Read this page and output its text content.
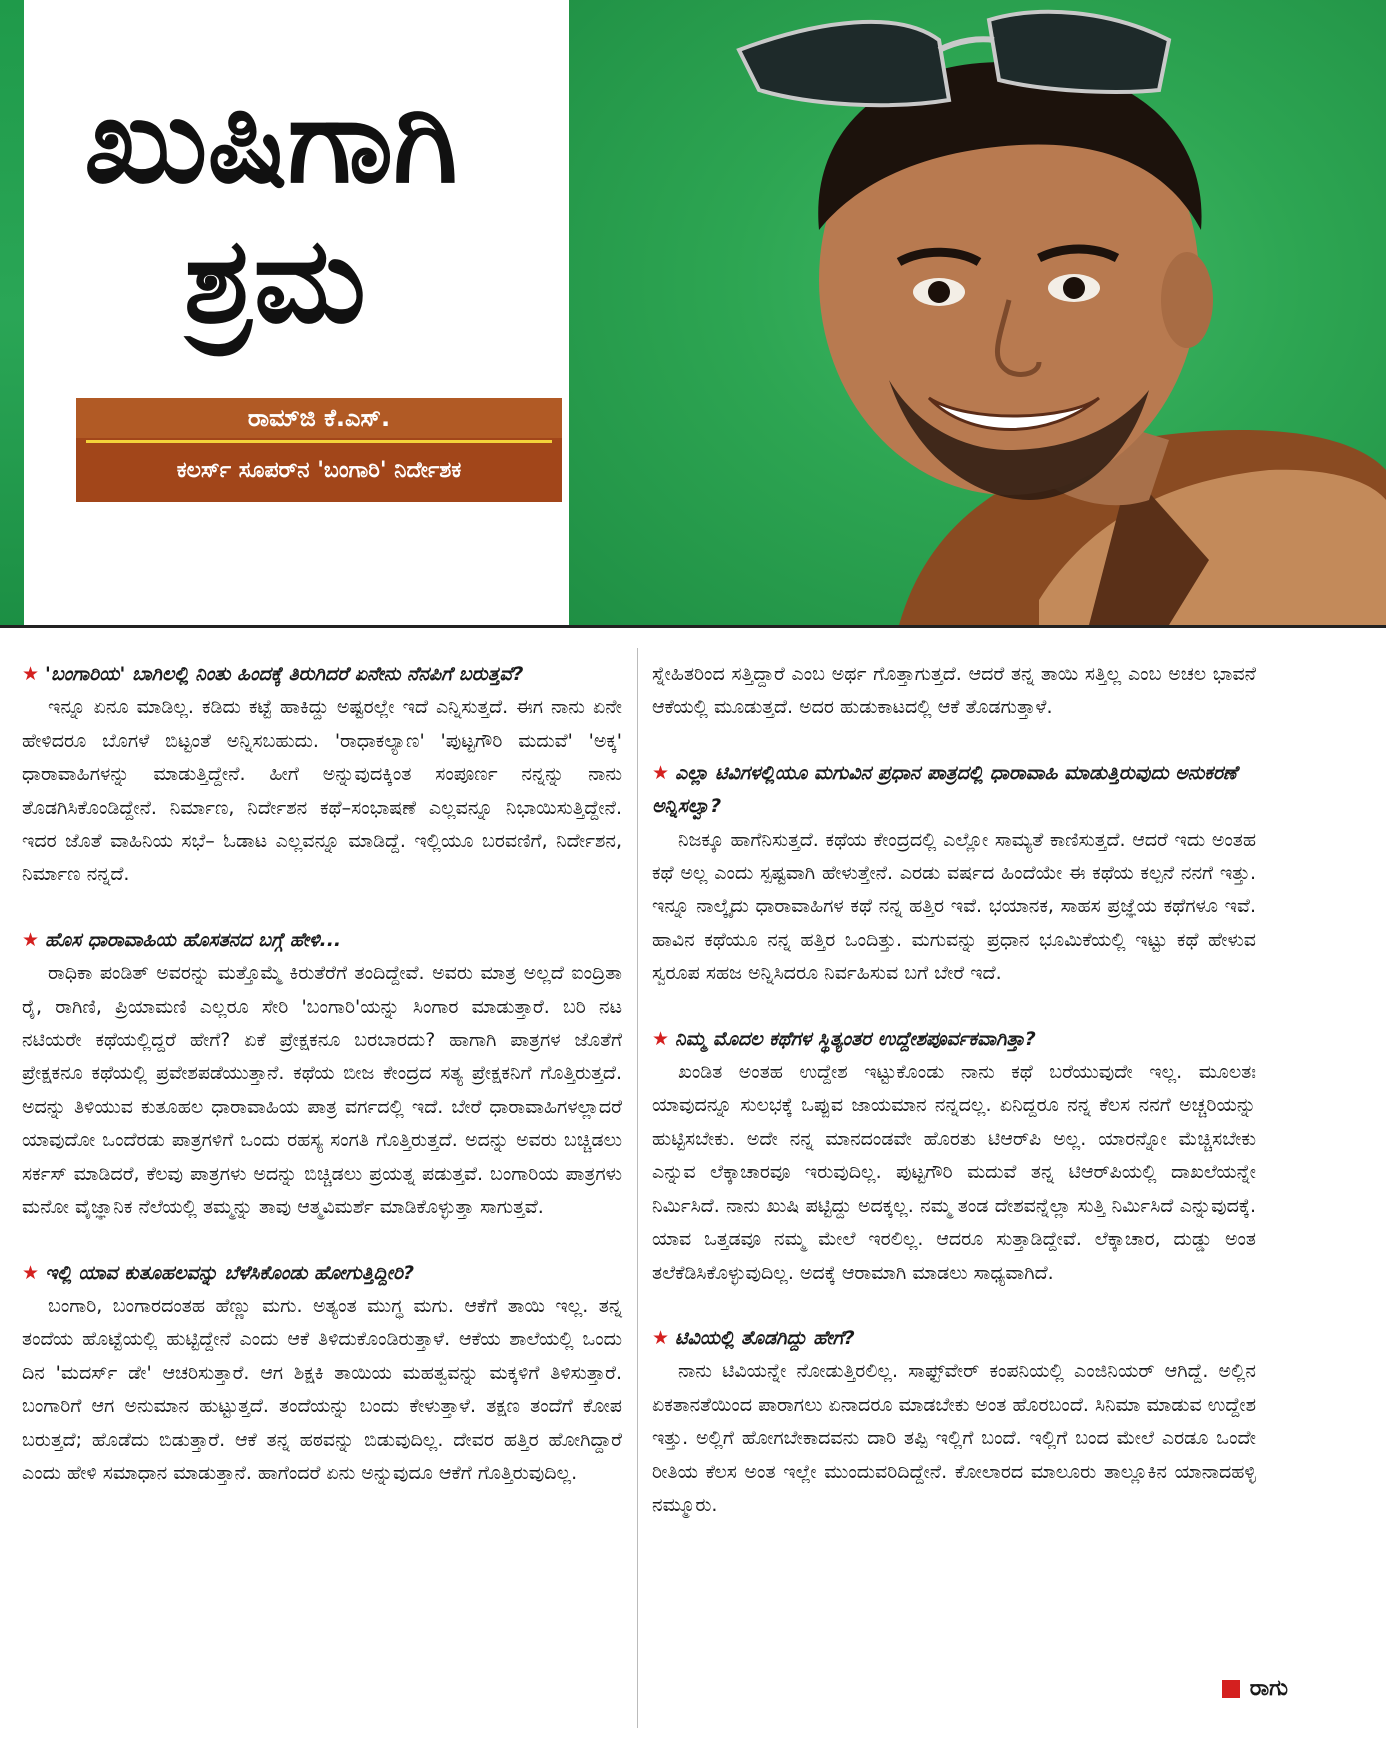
ಖುಷಿಗಾಗಿ
ಶ್ರಮ
ರಾಮ್‌ಜಿ ಕೆ.ಎಸ್.
ಕಲರ್ಸ್ ಸೂಪರ್‌ನ 'ಬಂಗಾರಿ' ನಿರ್ದೇಶಕ

★ 'ಬಂಗಾರಿಯ' ಬಾಗಿಲಲ್ಲಿ ನಿಂತು ಹಿಂದಕ್ಕೆ ತಿರುಗಿದರೆ ಏನೇನು ನೆನಪಿಗೆ ಬರುತ್ತವೆ?

ಇನ್ನೂ ಏನೂ ಮಾಡಿಲ್ಲ. ಕಡಿದು ಕಟ್ಟೆ ಹಾಕಿದ್ದು ಅಷ್ಟರಲ್ಲೇ ಇದೆ ಎನ್ನಿಸುತ್ತದೆ. ಈಗ ನಾನು ಏನೇ ಹೇಳಿದರೂ ಬೊಗಳೆ ಬಿಟ್ಟಂತೆ ಅನ್ನಿಸಬಹುದು. 'ರಾಧಾಕಲ್ಯಾಣ' 'ಪುಟ್ಟಗೌರಿ ಮದುವೆ' 'ಅಕ್ಕ' ಧಾರಾವಾಹಿಗಳನ್ನು ಮಾಡುತ್ತಿದ್ದೇನೆ. ಹೀಗೆ ಅನ್ನುವುದಕ್ಕಿಂತ ಸಂಪೂರ್ಣ ನನ್ನನ್ನು ನಾನು ತೊಡಗಿಸಿಕೊಂಡಿದ್ದೇನೆ. ನಿರ್ಮಾಣ, ನಿರ್ದೇಶನ ಕಥೆ–ಸಂಭಾಷಣೆ ಎಲ್ಲವನ್ನೂ ನಿಭಾಯಿಸುತ್ತಿದ್ದೇನೆ. ಇದರ ಜೊತೆ ವಾಹಿನಿಯ ಸಭೆ– ಓಡಾಟ ಎಲ್ಲವನ್ನೂ ಮಾಡಿದ್ದೆ. ಇಲ್ಲಿಯೂ ಬರವಣಿಗೆ, ನಿರ್ದೇಶನ, ನಿರ್ಮಾಣ ನನ್ನದೆ.

★ ಹೊಸ ಧಾರಾವಾಹಿಯ ಹೊಸತನದ ಬಗ್ಗೆ ಹೇಳಿ...

ರಾಧಿಕಾ ಪಂಡಿತ್ ಅವರನ್ನು ಮತ್ತೊಮ್ಮೆ ಕಿರುತೆರೆಗೆ ತಂದಿದ್ದೇವೆ. ಅವರು ಮಾತ್ರ ಅಲ್ಲದೆ ಐಂದ್ರಿತಾ ರೈ, ರಾಗಿಣಿ, ಪ್ರಿಯಾಮಣಿ ಎಲ್ಲರೂ ಸೇರಿ 'ಬಂಗಾರಿ'ಯನ್ನು ಸಿಂಗಾರ ಮಾಡುತ್ತಾರೆ. ಬರಿ ನಟ ನಟಿಯರೇ ಕಥೆಯಲ್ಲಿದ್ದರೆ ಹೇಗೆ? ಏಕೆ ಪ್ರೇಕ್ಷಕನೂ ಬರಬಾರದು? ಹಾಗಾಗಿ ಪಾತ್ರಗಳ ಜೊತೆಗೆ ಪ್ರೇಕ್ಷಕನೂ ಕಥೆಯಲ್ಲಿ ಪ್ರವೇಶಪಡೆಯುತ್ತಾನೆ. ಕಥೆಯ ಬೀಜ ಕೇಂದ್ರದ ಸತ್ಯ ಪ್ರೇಕ್ಷಕನಿಗೆ ಗೊತ್ತಿರುತ್ತದೆ. ಅದನ್ನು ತಿಳಿಯುವ ಕುತೂಹಲ ಧಾರಾವಾಹಿಯ ಪಾತ್ರ ವರ್ಗದಲ್ಲಿ ಇದೆ. ಬೇರೆ ಧಾರಾವಾಹಿಗಳಲ್ಲಾದರೆ ಯಾವುದೋ ಒಂದೆರಡು ಪಾತ್ರಗಳಿಗೆ ಒಂದು ರಹಸ್ಯ ಸಂಗತಿ ಗೊತ್ತಿರುತ್ತದೆ. ಅದನ್ನು ಅವರು ಬಚ್ಚಿಡಲು ಸರ್ಕಸ್ ಮಾಡಿದರೆ, ಕೆಲವು ಪಾತ್ರಗಳು ಅದನ್ನು ಬಿಚ್ಚಿಡಲು ಪ್ರಯತ್ನ ಪಡುತ್ತವೆ. ಬಂಗಾರಿಯ ಪಾತ್ರಗಳು ಮನೋ ವೈಜ್ಞಾನಿಕ ನೆಲೆಯಲ್ಲಿ ತಮ್ಮನ್ನು ತಾವು ಆತ್ಮವಿಮರ್ಶೆ ಮಾಡಿಕೊಳ್ಳುತ್ತಾ ಸಾಗುತ್ತವೆ.

★ ಇಲ್ಲಿ ಯಾವ ಕುತೂಹಲವನ್ನು ಬೆಳೆಸಿಕೊಂಡು ಹೋಗುತ್ತಿದ್ದೀರಿ?

ಬಂಗಾರಿ, ಬಂಗಾರದಂತಹ ಹೆಣ್ಣು ಮಗು. ಅತ್ಯಂತ ಮುಗ್ಧ ಮಗು. ಆಕೆಗೆ ತಾಯಿ ಇಲ್ಲ. ತನ್ನ ತಂದೆಯ ಹೊಟ್ಟೆಯಲ್ಲಿ ಹುಟ್ಟಿದ್ದೇನೆ ಎಂದು ಆಕೆ ತಿಳಿದುಕೊಂಡಿರುತ್ತಾಳೆ. ಆಕೆಯ ಶಾಲೆಯಲ್ಲಿ ಒಂದು ದಿನ 'ಮದರ್ಸ್ ಡೇ' ಆಚರಿಸುತ್ತಾರೆ. ಆಗ ಶಿಕ್ಷಕಿ ತಾಯಿಯ ಮಹತ್ವವನ್ನು ಮಕ್ಕಳಿಗೆ ತಿಳಿಸುತ್ತಾರೆ. ಬಂಗಾರಿಗೆ ಆಗ ಅನುಮಾನ ಹುಟ್ಟುತ್ತದೆ. ತಂದೆಯನ್ನು ಬಂದು ಕೇಳುತ್ತಾಳೆ. ತಕ್ಷಣ ತಂದೆಗೆ ಕೋಪ ಬರುತ್ತದೆ; ಹೊಡೆದು ಬಿಡುತ್ತಾರೆ. ಆಕೆ ತನ್ನ ಹಠವನ್ನು ಬಿಡುವುದಿಲ್ಲ. ದೇವರ ಹತ್ತಿರ ಹೋಗಿದ್ದಾರೆ ಎಂದು ಹೇಳಿ ಸಮಾಧಾನ ಮಾಡುತ್ತಾನೆ. ಹಾಗೆಂದರೆ ಏನು ಅನ್ನುವುದೂ ಆಕೆಗೆ ಗೊತ್ತಿರುವುದಿಲ್ಲ.

ಸ್ನೇಹಿತರಿಂದ ಸತ್ತಿದ್ದಾರೆ ಎಂಬ ಅರ್ಥ ಗೊತ್ತಾಗುತ್ತದೆ. ಆದರೆ ತನ್ನ ತಾಯಿ ಸತ್ತಿಲ್ಲ ಎಂಬ ಅಚಲ ಭಾವನೆ ಆಕೆಯಲ್ಲಿ ಮೂಡುತ್ತದೆ. ಅದರ ಹುಡುಕಾಟದಲ್ಲಿ ಆಕೆ ತೊಡಗುತ್ತಾಳೆ.

★ ಎಲ್ಲಾ ಟಿವಿಗಳಲ್ಲಿಯೂ ಮಗುವಿನ ಪ್ರಧಾನ ಪಾತ್ರದಲ್ಲಿ ಧಾರಾವಾಹಿ ಮಾಡುತ್ತಿರುವುದು ಅನುಕರಣೆ ಅನ್ನಿಸಲ್ವಾ?

ನಿಜಕ್ಕೂ ಹಾಗೆನಿಸುತ್ತದೆ. ಕಥೆಯ ಕೇಂದ್ರದಲ್ಲಿ ಎಲ್ಲೋ ಸಾಮ್ಯತೆ ಕಾಣಿಸುತ್ತದೆ. ಆದರೆ ಇದು ಅಂತಹ ಕಥೆ ಅಲ್ಲ ಎಂದು ಸ್ಪಷ್ಟವಾಗಿ ಹೇಳುತ್ತೇನೆ. ಎರಡು ವರ್ಷದ ಹಿಂದೆಯೇ ಈ ಕಥೆಯ ಕಲ್ಪನೆ ನನಗೆ ಇತ್ತು. ಇನ್ನೂ ನಾಲ್ಕೈದು ಧಾರಾವಾಹಿಗಳ ಕಥೆ ನನ್ನ ಹತ್ತಿರ ಇವೆ. ಭಯಾನಕ, ಸಾಹಸ ಪ್ರಜ್ಞೆಯ ಕಥೆಗಳೂ ಇವೆ. ಹಾವಿನ ಕಥೆಯೂ ನನ್ನ ಹತ್ತಿರ ಒಂದಿತ್ತು. ಮಗುವನ್ನು ಪ್ರಧಾನ ಭೂಮಿಕೆಯಲ್ಲಿ ಇಟ್ಟು ಕಥೆ ಹೇಳುವ ಸ್ವರೂಪ ಸಹಜ ಅನ್ನಿಸಿದರೂ ನಿರ್ವಹಿಸುವ ಬಗೆ ಬೇರೆ ಇದೆ.

★ ನಿಮ್ಮ ಮೊದಲ ಕಥೆಗಳ ಸ್ಥಿತ್ಯಂತರ ಉದ್ದೇಶಪೂರ್ವಕವಾಗಿತ್ತಾ?

ಖಂಡಿತ ಅಂತಹ ಉದ್ದೇಶ ಇಟ್ಟುಕೊಂಡು ನಾನು ಕಥೆ ಬರೆಯುವುದೇ ಇಲ್ಲ. ಮೂಲತಃ ಯಾವುದನ್ನೂ ಸುಲಭಕ್ಕೆ ಒಪ್ಪುವ ಜಾಯಮಾನ ನನ್ನದಲ್ಲ. ಏನಿದ್ದರೂ ನನ್ನ ಕೆಲಸ ನನಗೆ ಅಚ್ಚರಿಯನ್ನು ಹುಟ್ಟಿಸಬೇಕು. ಅದೇ ನನ್ನ ಮಾನದಂಡವೇ ಹೊರತು ಟಿಆರ್‌ಪಿ ಅಲ್ಲ. ಯಾರನ್ನೋ ಮೆಚ್ಚಿಸಬೇಕು ಎನ್ನುವ ಲೆಕ್ಕಾಚಾರವೂ ಇರುವುದಿಲ್ಲ. ಪುಟ್ಟಗೌರಿ ಮದುವೆ ತನ್ನ ಟಿಆರ್‌ಪಿಯಲ್ಲಿ ದಾಖಲೆಯನ್ನೇ ನಿರ್ಮಿಸಿದೆ. ನಾನು ಖುಷಿ ಪಟ್ಟಿದ್ದು ಅದಕ್ಕಲ್ಲ. ನಮ್ಮ ತಂಡ ದೇಶವನ್ನೆಲ್ಲಾ ಸುತ್ತಿ ನಿರ್ಮಿಸಿದೆ ಎನ್ನುವುದಕ್ಕೆ. ಯಾವ ಒತ್ತಡವೂ ನಮ್ಮ ಮೇಲೆ ಇರಲಿಲ್ಲ. ಆದರೂ ಸುತ್ತಾಡಿದ್ದೇವೆ. ಲೆಕ್ಕಾಚಾರ, ದುಡ್ಡು ಅಂತ ತಲೆಕೆಡಿಸಿಕೊಳ್ಳುವುದಿಲ್ಲ. ಅದಕ್ಕೆ ಆರಾಮಾಗಿ ಮಾಡಲು ಸಾಧ್ಯವಾಗಿದೆ.

★ ಟಿವಿಯಲ್ಲಿ ತೊಡಗಿದ್ದು ಹೇಗೆ?

ನಾನು ಟಿವಿಯನ್ನೇ ನೋಡುತ್ತಿರಲಿಲ್ಲ. ಸಾಫ್ಟ್‌ವೇರ್ ಕಂಪನಿಯಲ್ಲಿ ಎಂಜಿನಿಯರ್ ಆಗಿದ್ದೆ. ಅಲ್ಲಿನ ಏಕತಾನತೆಯಿಂದ ಪಾರಾಗಲು ಏನಾದರೂ ಮಾಡಬೇಕು ಅಂತ ಹೊರಬಂದೆ. ಸಿನಿಮಾ ಮಾಡುವ ಉದ್ದೇಶ ಇತ್ತು. ಅಲ್ಲಿಗೆ ಹೋಗಬೇಕಾದವನು ದಾರಿ ತಪ್ಪಿ ಇಲ್ಲಿಗೆ ಬಂದೆ. ಇಲ್ಲಿಗೆ ಬಂದ ಮೇಲೆ ಎರಡೂ ಒಂದೇ ರೀತಿಯ ಕೆಲಸ ಅಂತ ಇಲ್ಲೇ ಮುಂದುವರಿದಿದ್ದೇನೆ. ಕೋಲಾರದ ಮಾಲೂರು ತಾಲ್ಲೂಕಿನ ಯಾನಾದಹಳ್ಳಿ ನಮ್ಮೂರು.

ರಾಗು
